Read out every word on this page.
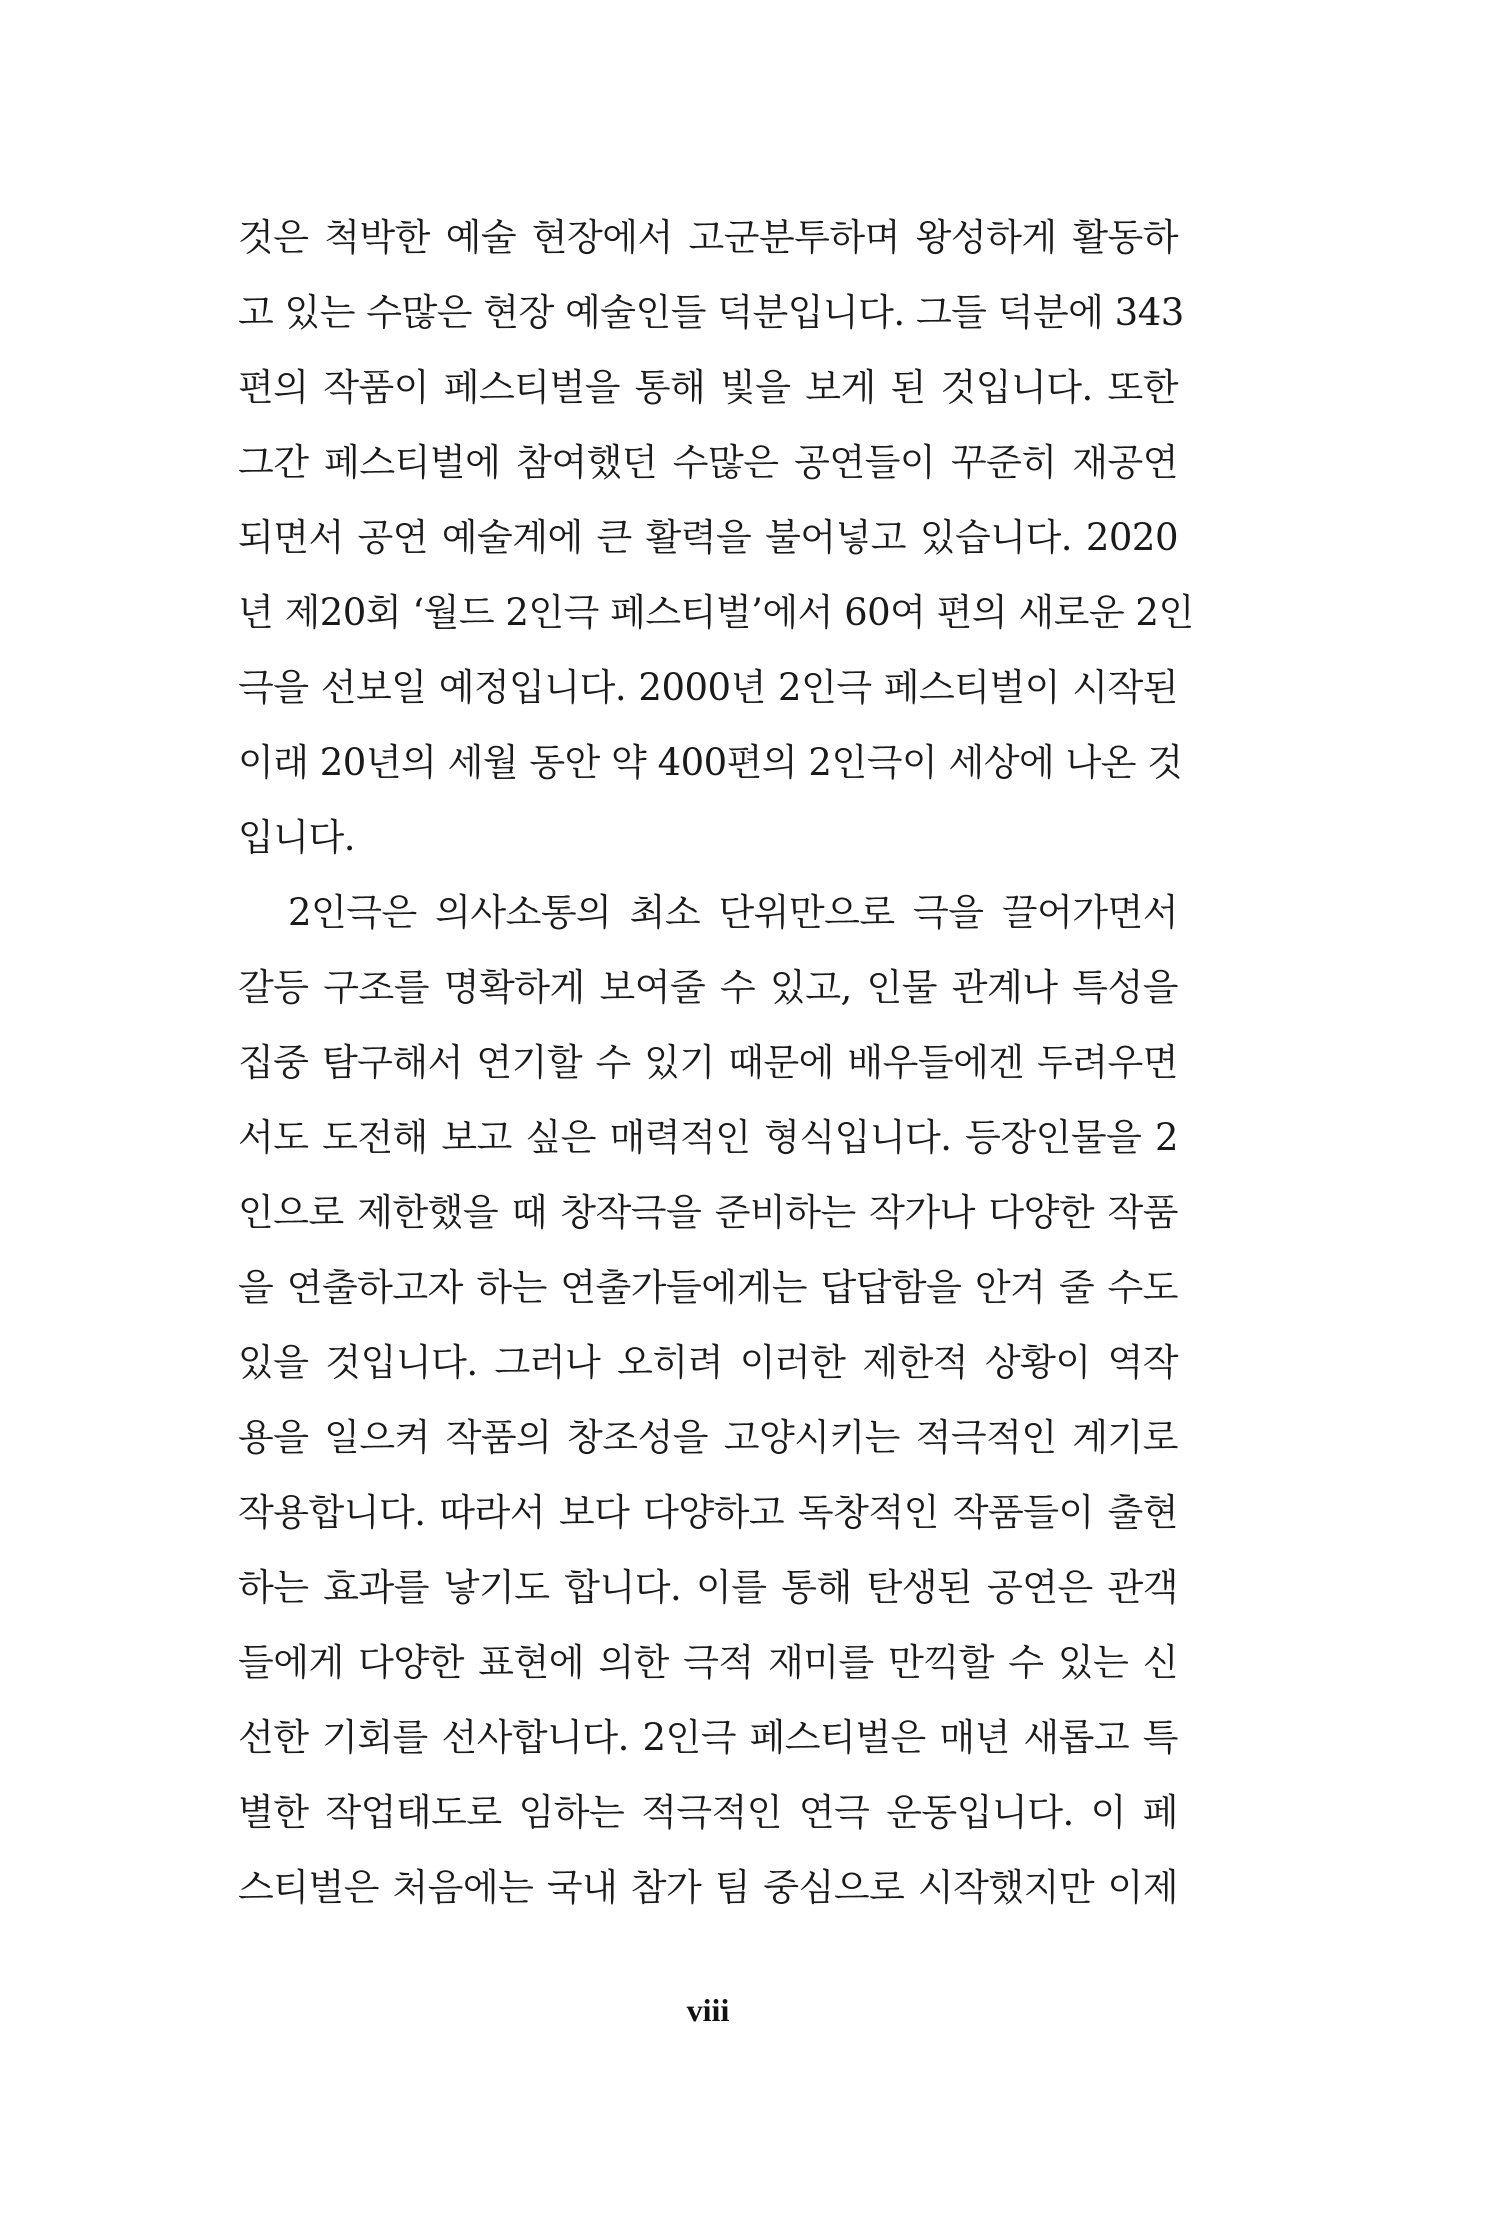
것은 척박한 예술 현장에서 고군분투하며 왕성하게 활동하
고 있는 수많은 현장 예술인들 덕분입니다. 그들 덕분에 343
편의 작품이 페스티벌을 통해 빛을 보게 된 것입니다. 또한
그간 페스티벌에 참여했던 수많은 공연들이 꾸준히 재공연
되면서 공연 예술계에 큰 활력을 불어넣고 있습니다. 2020
년 제20회 ‘월드 2인극 페스티벌’에서 60여 편의 새로운 2인
극을 선보일 예정입니다. 2000년 2인극 페스티벌이 시작된
이래 20년의 세월 동안 약 400편의 2인극이 세상에 나온 것
입니다.
2인극은 의사소통의 최소 단위만으로 극을 끌어가면서
갈등 구조를 명확하게 보여줄 수 있고, 인물 관계나 특성을
집중 탐구해서 연기할 수 있기 때문에 배우들에겐 두려우면
서도 도전해 보고 싶은 매력적인 형식입니다. 등장인물을 2
인으로 제한했을 때 창작극을 준비하는 작가나 다양한 작품
을 연출하고자 하는 연출가들에게는 답답함을 안겨 줄 수도
있을 것입니다. 그러나 오히려 이러한 제한적 상황이 역작
용을 일으켜 작품의 창조성을 고양시키는 적극적인 계기로
작용합니다. 따라서 보다 다양하고 독창적인 작품들이 출현
하는 효과를 낳기도 합니다. 이를 통해 탄생된 공연은 관객
들에게 다양한 표현에 의한 극적 재미를 만끽할 수 있는 신
선한 기회를 선사합니다. 2인극 페스티벌은 매년 새롭고 특
별한 작업태도로 임하는 적극적인 연극 운동입니다. 이 페
스티벌은 처음에는 국내 참가 팀 중심으로 시작했지만 이제
viii
